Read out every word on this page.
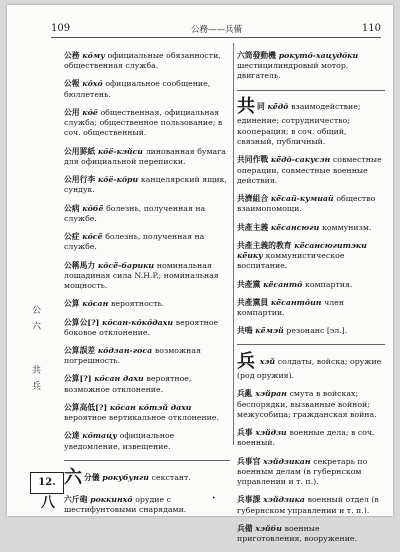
109	公務——兵備	110

公務 ко̄му официальные обязанности, общественная служба.

公報 ко̄хо̄ официальное сообщение, бюллетень.

公用 ко̄ё общественная, официальная служба; общественное пользование; в соч. общественный.

公用罫紙 ко̄ё-кэйси линованная бумага для официальной переписки.

公用行李 ко̄ё-ко̄ри канцелярский ящик, сундук.

公病 ко̄бё̄ болезнь, полученная на службе.

公症 ко̄сё̄ болезнь, полученная на службе.

公稱馬力 ко̄сё̄-барики номинальная лошадиная сила N.H.P.; номинальная мощность.

公算 ко̄сан вероятность.

公算公[?] ко̄сан-ко̄ко̄дахи вероятное боковое отклонение.

公算誤差 ко̄дзан-госа возможная погрешность.

公算[?] ко̄сан дахи вероятное, возможное отклонение.

公算高低[?] ко̄сан ко̄тэй дахи вероятное вертикальное отклонение.

公達 ко̄тацу официальное уведомление, извещение.

六分儀 рокубунги секстант.

六斤砲 роккинхо̄ орудие с шестифунтовыми снарядами.

六筒發動機 рокуто̄-хацудо̄ки шестицилиндровый мотор, двигатель.

共同 кё̄дō взаимодействие; единение; сотрудничество; кооперация; в соч. общий, связный, публичный.

共同作戰 кё̄дō-сакусэн совместные операции, совместные военные действия.

共濟組合 кё̄саü-кумиаü общество взаимопомощи.

共產主義 кё̄сансюги коммунизм.

共產主義的教育 кё̄сансюгитэки кё̄ику коммунистическое воспитание.

共產黨 кё̄санто̄ компартия.

共產黨員 кё̄санто̄ин член компартии.

共鳴 кё̄мэй резонанс [эл.].

兵 хэй солдаты, войска; оружие (род оружия).

兵亂 хэйран смута в войсках; беспорядки, вызванные войной; межусобица; гражданская война.

兵事 хэйдзи военные дела; в соч. военный.

兵事官 хэйдзикан секретарь по военным делам (в губернском управлении и т. п.).

兵事課 хэйдзика военный отдел (в губернском управлении и т. п.).

兵備 хэйби военные приготовления, вооружение.

公 六
共 兵
12.八	•
